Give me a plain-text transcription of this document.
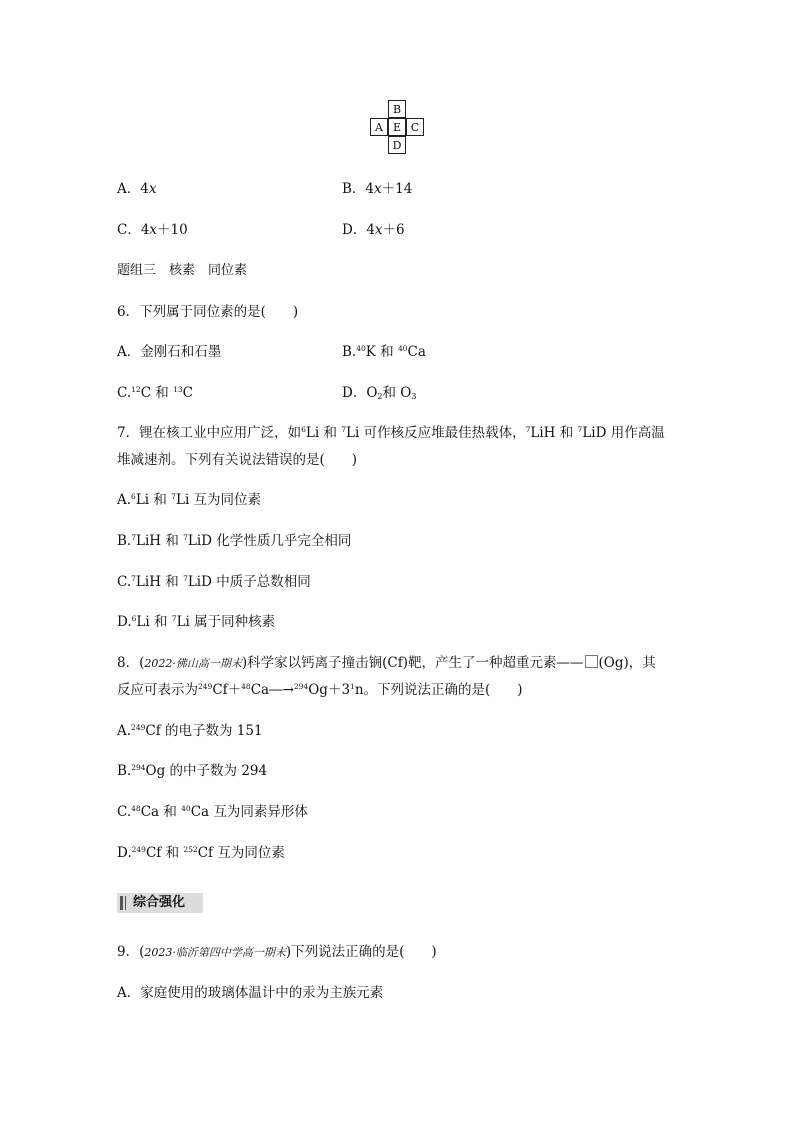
B
A E C
D
A．4x	B．4x＋14
C．4x＋10	D．4x＋6
题组三　核素　同位素
6．下列属于同位素的是(　　)
A．金刚石和石墨	B.$^{40}$K 和 $^{40}$Ca
C.$^{12}$C 和 $^{13}$C	D．$O_2$和 $O_3$
7．锂在核工业中应用广泛，如$^6$Li 和 $^7$Li 可作核反应堆最佳热载体，$^7$LiH 和 $^7$LiD 用作高温
堆减速剂。下列有关说法错误的是(　　)
A.$^6$Li 和 $^7$Li 互为同位素
B.$^7$LiH 和 $^7$LiD 化学性质几乎完全相同
C.$^7$LiH 和 $^7$LiD 中质子总数相同
D.$^6$Li 和 $^7$Li 属于同种核素
8．(2022·佛山高一期末)科学家以钙离子撞击锎(Cf)靶，产生了一种超重元素—— (Og)，其
反应可表示为$^{249}Cf+^{48}Ca―\to^{294}Og+3^1n$。下列说法正确的是(　　)
A.$^{249}$Cf 的电子数为 151
B.$^{294}$Og 的中子数为 294
C.$^{48}$Ca 和 $^{40}$Ca 互为同素异形体
D.$^{249}$Cf 和 $^{252}$Cf 互为同位素
综合强化
9．(2023·临沂第四中学高一期末)下列说法正确的是(　　)
A．家庭使用的玻璃体温计中的汞为主族元素
